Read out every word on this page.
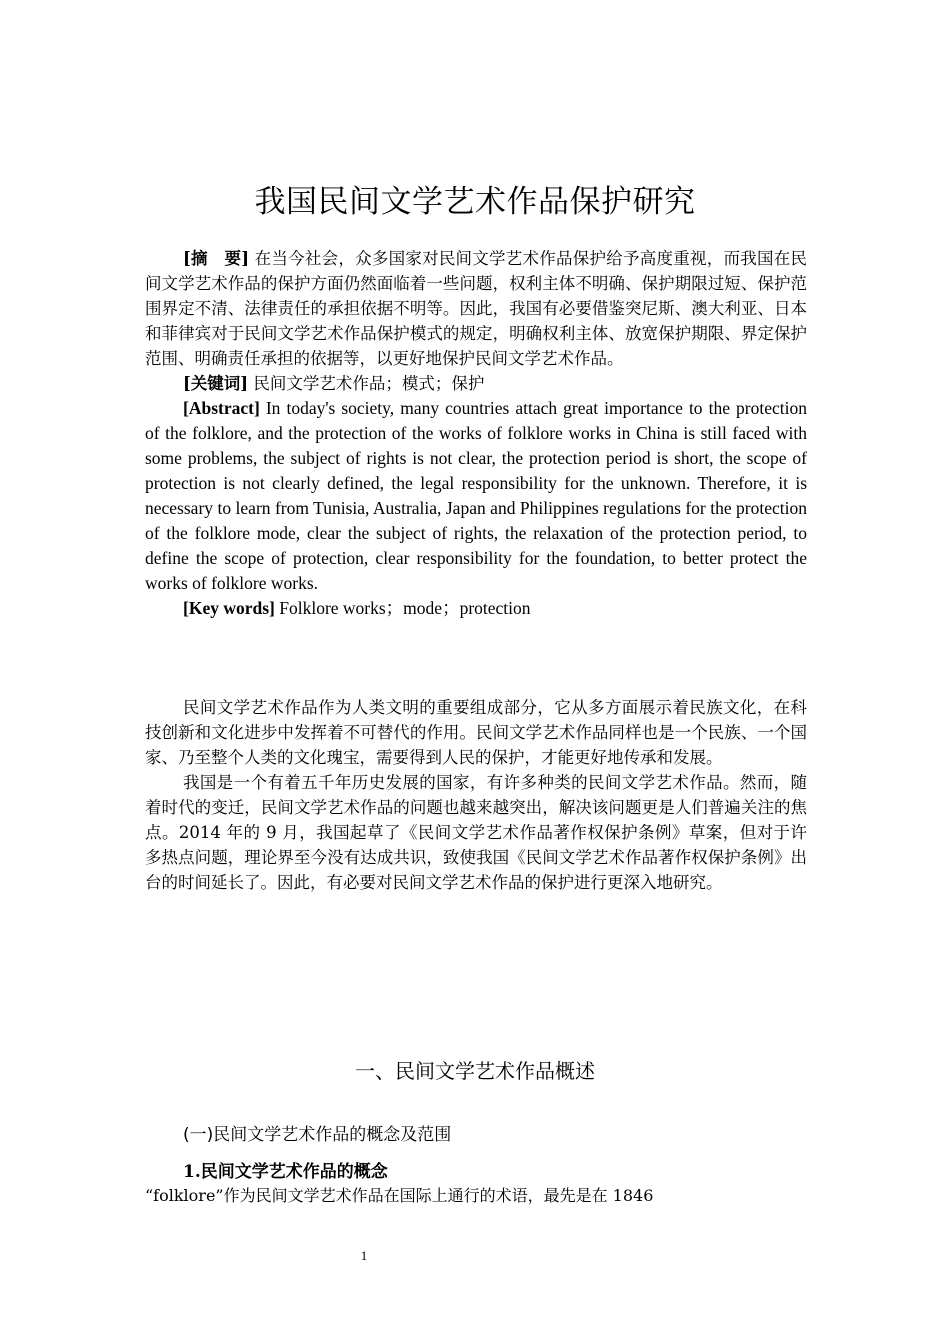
我国民间文学艺术作品保护研究

[摘　要] 在当今社会，众多国家对民间文学艺术作品保护给予高度重视，而我国在民间文学艺术作品的保护方面仍然面临着一些问题，权利主体不明确、保护期限过短、保护范围界定不清、法律责任的承担依据不明等。因此，我国有必要借鉴突尼斯、澳大利亚、日本和菲律宾对于民间文学艺术作品保护模式的规定，明确权利主体、放宽保护期限、界定保护范围、明确责任承担的依据等，以更好地保护民间文学艺术作品。

[关键词] 民间文学艺术作品；模式；保护

[Abstract] In today's society, many countries attach great importance to the protection of the folklore, and the protection of the works of folklore works in China is still faced with some problems, the subject of rights is not clear, the protection period is short, the scope of protection is not clearly defined, the legal responsibility for the unknown. Therefore, it is necessary to learn from Tunisia, Australia, Japan and Philippines regulations for the protection of the folklore mode, clear the subject of rights, the relaxation of the protection period, to define the scope of protection, clear responsibility for the foundation, to better protect the works of folklore works.

[Key words] Folklore works；mode；protection

民间文学艺术作品作为人类文明的重要组成部分，它从多方面展示着民族文化，在科技创新和文化进步中发挥着不可替代的作用。民间文学艺术作品同样也是一个民族、一个国家、乃至整个人类的文化瑰宝，需要得到人民的保护，才能更好地传承和发展。

我国是一个有着五千年历史发展的国家，有许多种类的民间文学艺术作品。然而，随着时代的变迁，民间文学艺术作品的问题也越来越突出，解决该问题更是人们普遍关注的焦点。2014 年的 9 月，我国起草了《民间文学艺术作品著作权保护条例》草案，但对于许多热点问题，理论界至今没有达成共识，致使我国《民间文学艺术作品著作权保护条例》出台的时间延长了。因此，有必要对民间文学艺术作品的保护进行更深入地研究。

一、民间文学艺术作品概述
(一)民间文学艺术作品的概念及范围
1.民间文学艺术作品的概念
“folklore”作为民间文学艺术作品在国际上通行的术语，最先是在 1846
1
